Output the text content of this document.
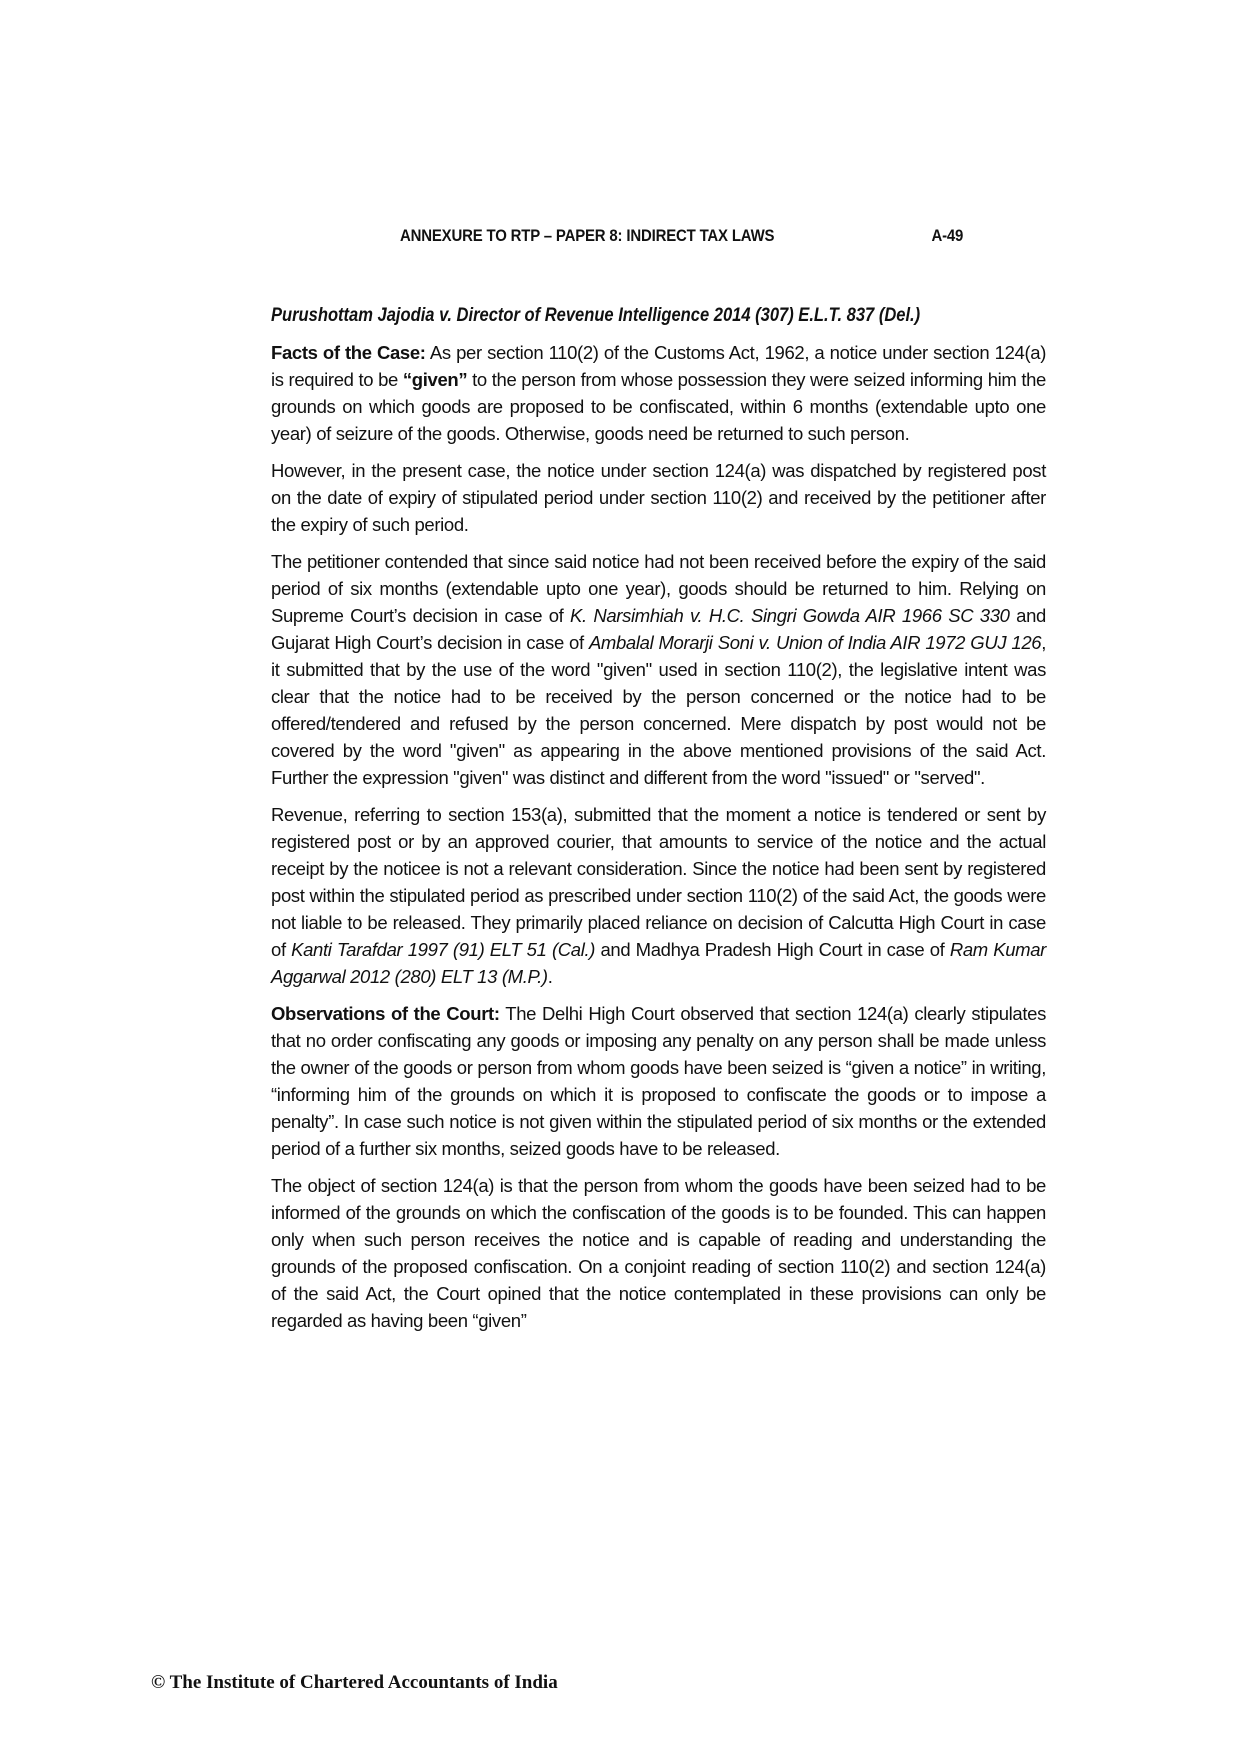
ANNEXURE TO RTP – PAPER 8: INDIRECT TAX LAWS	A-49
Purushottam Jajodia v. Director of Revenue Intelligence 2014 (307) E.L.T. 837 (Del.)

Facts of the Case: As per section 110(2) of the Customs Act, 1962, a notice under section 124(a) is required to be “given” to the person from whose possession they were seized informing him the grounds on which goods are proposed to be confiscated, within 6 months (extendable upto one year) of seizure of the goods. Otherwise, goods need be returned to such person.

However, in the present case, the notice under section 124(a) was dispatched by registered post on the date of expiry of stipulated period under section 110(2) and received by the petitioner after the expiry of such period.

The petitioner contended that since said notice had not been received before the expiry of the said period of six months (extendable upto one year), goods should be returned to him. Relying on Supreme Court’s decision in case of K. Narsimhiah v. H.C. Singri Gowda AIR 1966 SC 330 and Gujarat High Court’s decision in case of Ambalal Morarji Soni v. Union of India AIR 1972 GUJ 126, it submitted that by the use of the word "given" used in section 110(2), the legislative intent was clear that the notice had to be received by the person concerned or the notice had to be offered/tendered and refused by the person concerned. Mere dispatch by post would not be covered by the word "given" as appearing in the above mentioned provisions of the said Act. Further the expression "given" was distinct and different from the word "issued" or "served".

Revenue, referring to section 153(a), submitted that the moment a notice is tendered or sent by registered post or by an approved courier, that amounts to service of the notice and the actual receipt by the noticee is not a relevant consideration. Since the notice had been sent by registered post within the stipulated period as prescribed under section 110(2) of the said Act, the goods were not liable to be released. They primarily placed reliance on decision of Calcutta High Court in case of Kanti Tarafdar 1997 (91) ELT 51 (Cal.) and Madhya Pradesh High Court in case of Ram Kumar Aggarwal 2012 (280) ELT 13 (M.P.).

Observations of the Court: The Delhi High Court observed that section 124(a) clearly stipulates that no order confiscating any goods or imposing any penalty on any person shall be made unless the owner of the goods or person from whom goods have been seized is “given a notice” in writing, “informing him of the grounds on which it is proposed to confiscate the goods or to impose a penalty”. In case such notice is not given within the stipulated period of six months or the extended period of a further six months, seized goods have to be released.

The object of section 124(a) is that the person from whom the goods have been seized had to be informed of the grounds on which the confiscation of the goods is to be founded. This can happen only when such person receives the notice and is capable of reading and understanding the grounds of the proposed confiscation. On a conjoint reading of section 110(2) and section 124(a) of the said Act, the Court opined that the notice contemplated in these provisions can only be regarded as having been “given”

© The Institute of Chartered Accountants of India
